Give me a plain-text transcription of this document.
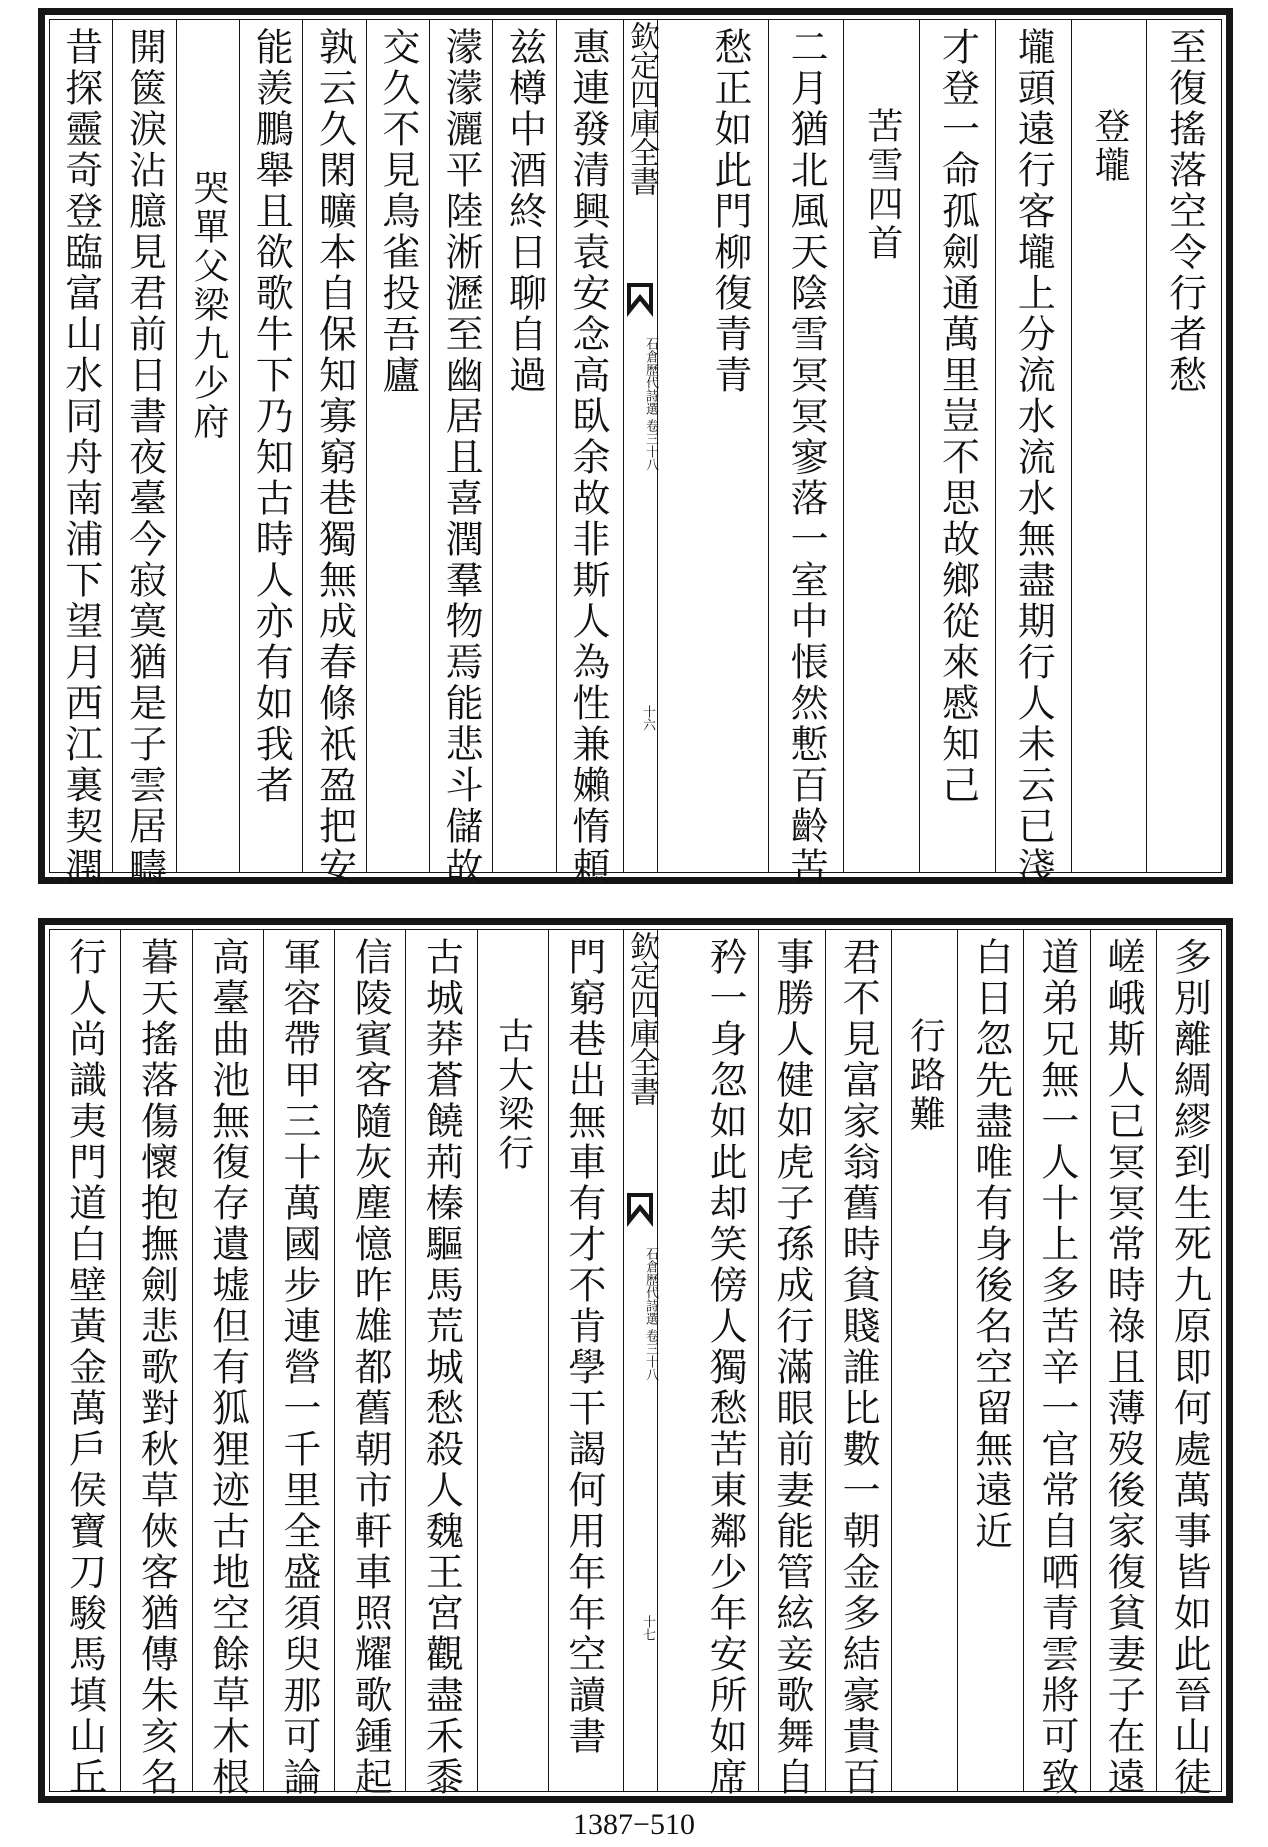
至復搖落空令行者愁
登壠
壠頭遠行客壠上分流水流水無盡期行人未云已淺
才登一命孤劍通萬里豈不思故鄉從來慼知己
苦雪四首
二月猶北風天陰雪冥冥寥落一室中悵然慙百齡苦
愁正如此門柳復青青
欽定四庫全書
石倉歷代詩選 卷三十八
十六
惠連發清興袁安念高臥余故非斯人為性兼嬾惰頼
兹樽中酒終日聊自過
濛濛灑平陸淅瀝至幽居且喜潤羣物焉能悲斗儲故
交久不見鳥雀投吾廬
孰云久閑曠本自保知寡窮巷獨無成春條祇盈把安
能羨鵬舉且欲歌牛下乃知古時人亦有如我者
哭單父梁九少府
開篋淚沾臆見君前日書夜臺今寂寞猶是子雲居疇
昔探靈奇登臨富山水同舟南浦下望月西江裏契潤
多別離綢繆到生死九原即何處萬事皆如此晉山徒
嵯峨斯人已冥冥常時祿且薄歿後家復貧妻子在遠
道弟兄無一人十上多苦辛一官常自哂青雲將可致
白日忽先盡唯有身後名空留無遠近
行路難
君不見富家翁舊時貧賤誰比數一朝金多結豪貴百
事勝人健如虎子孫成行滿眼前妻能管絃妾歌舞自
矜一身忽如此却笑傍人獨愁苦東鄰少年安所如席
欽定四庫全書
石倉歷代詩選 卷三十八
十七
門窮巷出無車有才不肯學干謁何用年年空讀書
古大梁行
古城莽蒼饒荊榛驅馬荒城愁殺人魏王宮觀盡禾黍
信陵賓客隨灰塵憶昨雄都舊朝市軒車照耀歌鍾起
軍容帶甲三十萬國步連營一千里全盛須臾那可論
高臺曲池無復存遺墟但有狐狸迹古地空餘草木根
暮天搖落傷懷抱撫劍悲歌對秋草俠客猶傳朱亥名
行人尚識夷門道白壁黃金萬戶侯寶刀駿馬填山丘
1387−510
